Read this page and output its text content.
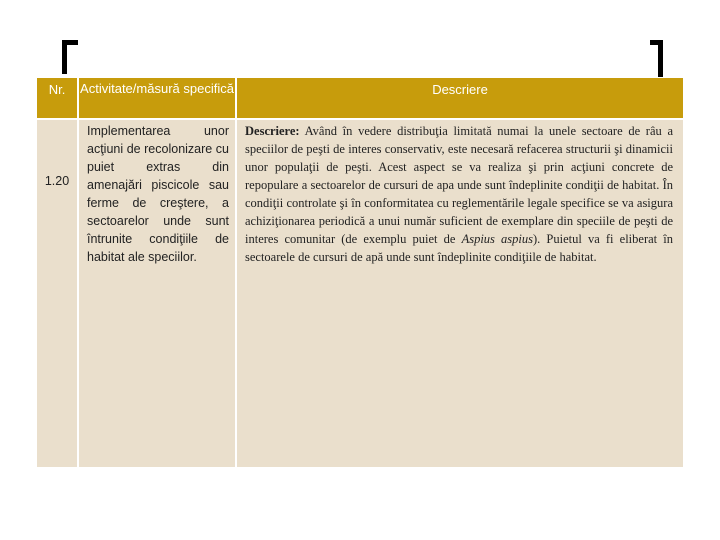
Nr.	Activitate/măsură specifică	Descriere
1.20
Implementarea unor acţiuni de recolonizare cu puiet extras din amenajări piscicole sau ferme de creştere, a sectoarelor unde sunt întrunite condiţiile de habitat ale speciilor.
Descriere: Având în vedere distribuţia limitată numai la unele sectoare de râu a speciilor de peşti de interes conservativ, este necesară refacerea structurii şi dinamicii unor populaţii de peşti. Acest aspect se va realiza şi prin acţiuni concrete de repopulare a sectoarelor de cursuri de apa unde sunt îndeplinite condiţii de habitat. În condiţii controlate şi în conformitatea cu reglementările legale specifice se va asigura achiziţionarea periodică a unui număr suficient de exemplare din speciile de peşti de interes comunitar (de exemplu puiet de Aspius aspius). Puietul va fi eliberat în sectoarele de cursuri de apă unde sunt îndeplinite condiţiile de habitat.
